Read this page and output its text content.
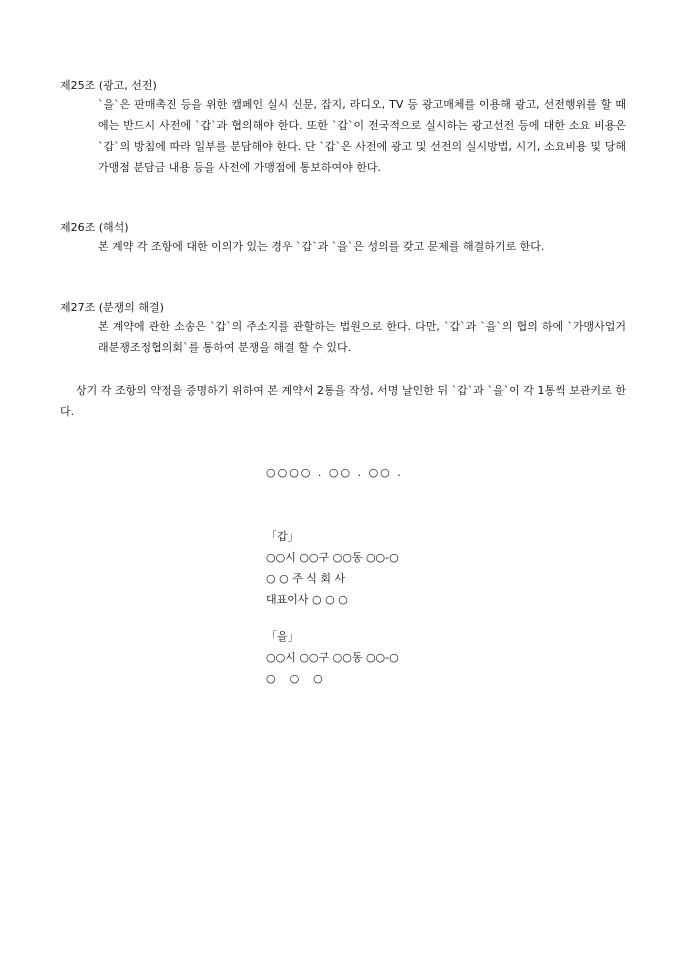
제25조 (광고, 선전)
`을`은 판매촉진 등을 위한 캠페인 실시 신문, 잡지, 라디오, TV 등 광고매체를 이용해 광고, 선전행위를 할 때에는 반드시 사전에 `갑`과 협의해야 한다. 또한 `갑`이 전국적으로 실시하는 광고선전 등에 대한 소요 비용은 `갑`의 방침에 따라 일부를 분담해야 한다. 단 `갑`은 사전에 광고 및 선전의 실시방법, 시기, 소요비용 및 당해 가맹점 분담금 내용 등을 사전에 가맹점에 통보하여야 한다.
제26조 (해석)
본 계약 각 조항에 대한 이의가 있는 경우 `갑`과 `을`은 성의를 갖고 문제를 해결하기로 한다.
제27조 (분쟁의 해결)
본 계약에 관한 소송은 `갑`의 주소지를 관할하는 법원으로 한다. 다만, `갑`과 `을`의 협의 하에 `가맹사업거래분쟁조정협의회`를 통하여 분쟁을 해결 할 수 있다.
상기 각 조항의 약정을 증명하기 위하여 본 계약서 2통을 작성, 서명 날인한 뒤 `갑`과 `을`이 각 1통씩 보관키로 한다.
○○○○ . ○○ . ○○ .
「갑」
○○시 ○○구 ○○동 ○○-○
○ ○ 주 식 회 사
대표이사 ○ ○ ○
「을」
○○시 ○○구 ○○동 ○○-○
○    ○    ○
